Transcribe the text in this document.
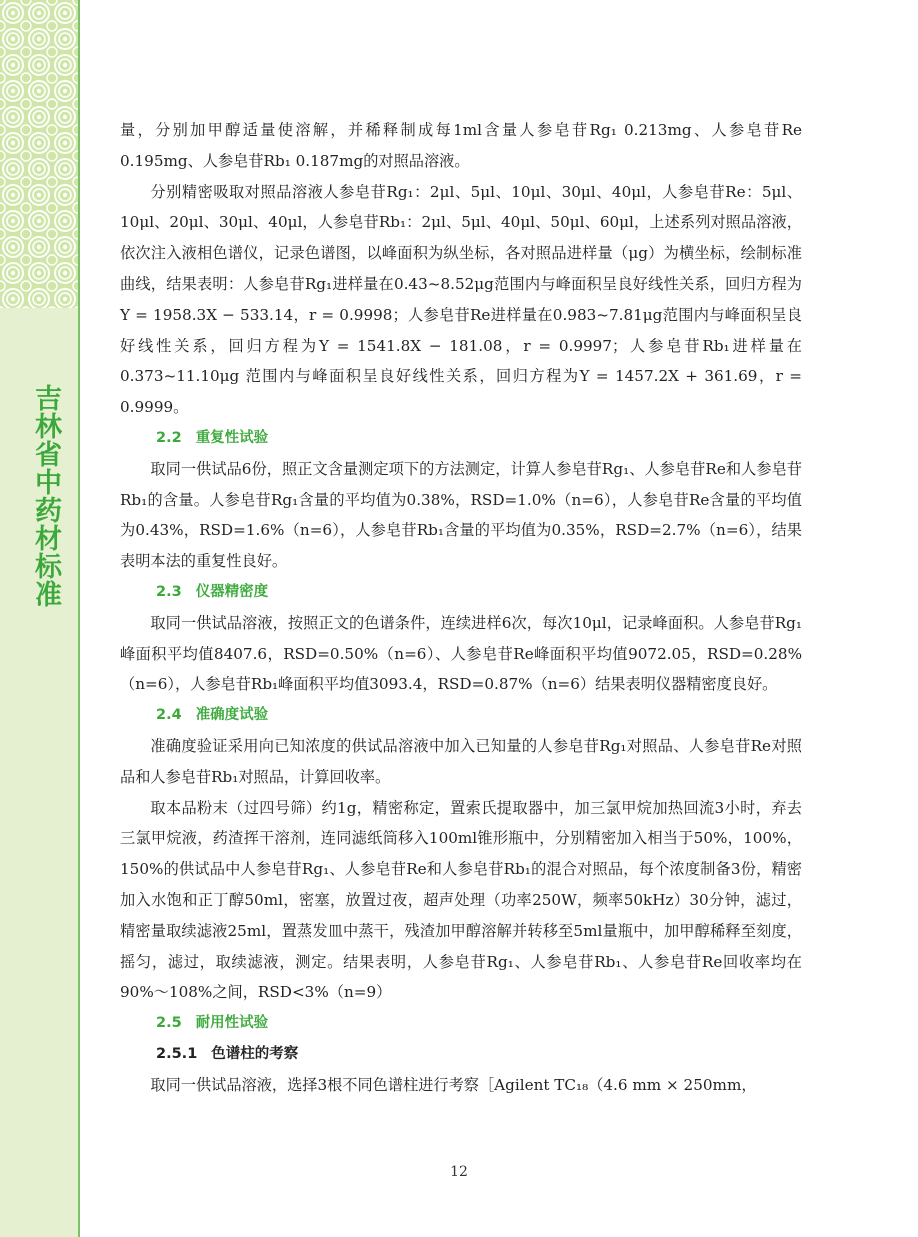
吉林省中药材标准
量，分别加甲醇适量使溶解，并稀释制成每1ml含量人参皂苷Rg₁ 0.213mg、人参皂苷Re 0.195mg、人参皂苷Rb₁ 0.187mg的对照品溶液。
分别精密吸取对照品溶液人参皂苷Rg₁：2μl、5μl、10μl、30μl、40μl，人参皂苷Re：5μl、10μl、20μl、30μl、40μl，人参皂苷Rb₁：2μl、5μl、40μl、50μl、60μl，上述系列对照品溶液，依次注入液相色谱仪，记录色谱图，以峰面积为纵坐标，各对照品进样量（μg）为横坐标，绘制标准曲线，结果表明：人参皂苷Rg₁进样量在0.43~8.52μg范围内与峰面积呈良好线性关系，回归方程为Y = 1958.3X − 533.14，r = 0.9998；人参皂苷Re进样量在0.983~7.81μg范围内与峰面积呈良好线性关系，回归方程为Y = 1541.8X − 181.08，r = 0.9997；人参皂苷Rb₁进样量在0.373~11.10μg 范围内与峰面积呈良好线性关系，回归方程为Y = 1457.2X + 361.69，r = 0.9999。
2.2 重复性试验
取同一供试品6份，照正文含量测定项下的方法测定，计算人参皂苷Rg₁、人参皂苷Re和人参皂苷Rb₁的含量。人参皂苷Rg₁含量的平均值为0.38%，RSD=1.0%（n=6），人参皂苷Re含量的平均值为0.43%，RSD=1.6%（n=6），人参皂苷Rb₁含量的平均值为0.35%，RSD=2.7%（n=6），结果表明本法的重复性良好。
2.3 仪器精密度
取同一供试品溶液，按照正文的色谱条件，连续进样6次，每次10μl，记录峰面积。人参皂苷Rg₁峰面积平均值8407.6，RSD=0.50%（n=6）、人参皂苷Re峰面积平均值9072.05，RSD=0.28%（n=6），人参皂苷Rb₁峰面积平均值3093.4，RSD=0.87%（n=6）结果表明仪器精密度良好。
2.4 准确度试验
准确度验证采用向已知浓度的供试品溶液中加入已知量的人参皂苷Rg₁对照品、人参皂苷Re对照品和人参皂苷Rb₁对照品，计算回收率。
取本品粉末（过四号筛）约1g，精密称定，置索氏提取器中，加三氯甲烷加热回流3小时，弃去三氯甲烷液，药渣挥干溶剂，连同滤纸筒移入100ml锥形瓶中，分别精密加入相当于50%，100%，150%的供试品中人参皂苷Rg₁、人参皂苷Re和人参皂苷Rb₁的混合对照品，每个浓度制备3份，精密加入水饱和正丁醇50ml，密塞，放置过夜，超声处理（功率250W，频率50kHz）30分钟，滤过，精密量取续滤液25ml，置蒸发皿中蒸干，残渣加甲醇溶解并转移至5ml量瓶中，加甲醇稀释至刻度，摇匀，滤过，取续滤液，测定。结果表明，人参皂苷Rg₁、人参皂苷Rb₁、人参皂苷Re回收率均在90%～108%之间，RSD<3%（n=9）
2.5 耐用性试验
2.5.1 色谱柱的考察
取同一供试品溶液，选择3根不同色谱柱进行考察［Agilent TC₁₈（4.6 mm × 250mm，
12
